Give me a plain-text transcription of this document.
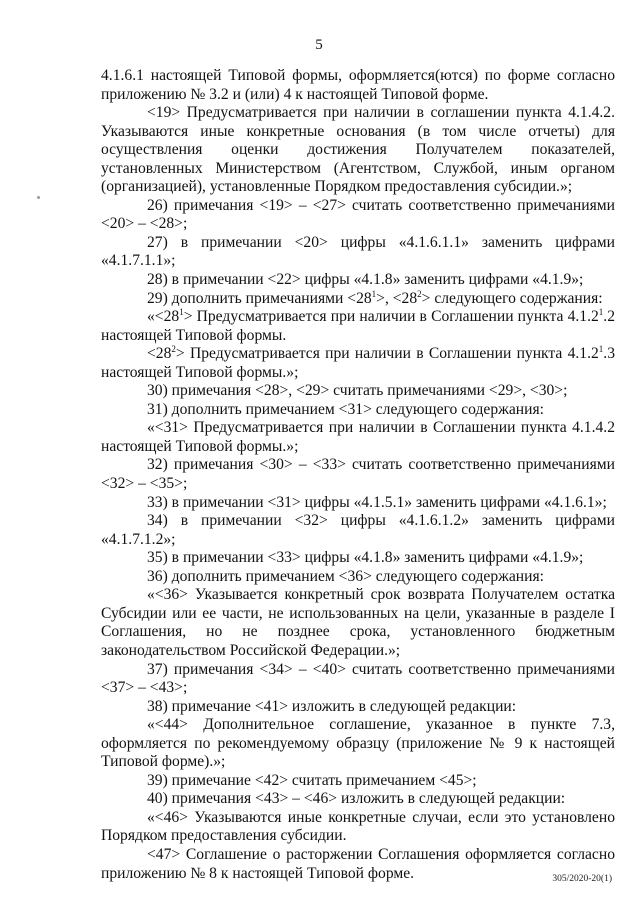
5

4.1.6.1 настоящей Типовой формы, оформляется(ются) по форме согласно приложению № 3.2 и (или) 4 к настоящей Типовой форме.

<19> Предусматривается при наличии в соглашении пункта 4.1.4.2. Указываются иные конкретные основания (в том числе отчеты) для осуществления оценки достижения Получателем показателей, установленных Министерством (Агентством, Службой, иным органом (организацией), установленные Порядком предоставления субсидии.»;

26) примечания <19> – <27> считать соответственно примечаниями <20> – <28>;

27) в примечании <20> цифры «4.1.6.1.1» заменить цифрами «4.1.7.1.1»;

28) в примечании <22> цифры «4.1.8» заменить цифрами «4.1.9»;

29) дополнить примечаниями $<28^1>$, $<28^2>$ следующего содержания:

«$<28^1>$ Предусматривается при наличии в Соглашении пункта 4.1.2$^1$.2 настоящей Типовой формы.

$<28^2>$ Предусматривается при наличии в Соглашении пункта 4.1.2$^1$.3 настоящей Типовой формы.»;

30) примечания <28>, <29> считать примечаниями <29>, <30>;

31) дополнить примечанием <31> следующего содержания:

«<31> Предусматривается при наличии в Соглашении пункта 4.1.4.2 настоящей Типовой формы.»;

32) примечания <30> – <33> считать соответственно примечаниями <32> – <35>;

33) в примечании <31> цифры «4.1.5.1» заменить цифрами «4.1.6.1»;

34) в примечании <32> цифры «4.1.6.1.2» заменить цифрами «4.1.7.1.2»;

35) в примечании <33> цифры «4.1.8» заменить цифрами «4.1.9»;

36) дополнить примечанием <36> следующего содержания:

«<36> Указывается конкретный срок возврата Получателем остатка Субсидии или ее части, не использованных на цели, указанные в разделе I Соглашения, но не позднее срока, установленного бюджетным законодательством Российской Федерации.»;

37) примечания <34> – <40> считать соответственно примечаниями <37> – <43>;

38) примечание <41> изложить в следующей редакции:

«<44> Дополнительное соглашение, указанное в пункте 7.3, оформляется по рекомендуемому образцу (приложение № 9 к настоящей Типовой форме).»;

39) примечание <42> считать примечанием <45>;

40) примечания <43> – <46> изложить в следующей редакции:

«<46> Указываются иные конкретные случаи, если это установлено Порядком предоставления субсидии.

<47> Соглашение о расторжении Соглашения оформляется согласно приложению № 8 к настоящей Типовой форме.	305/2020-20(1)
